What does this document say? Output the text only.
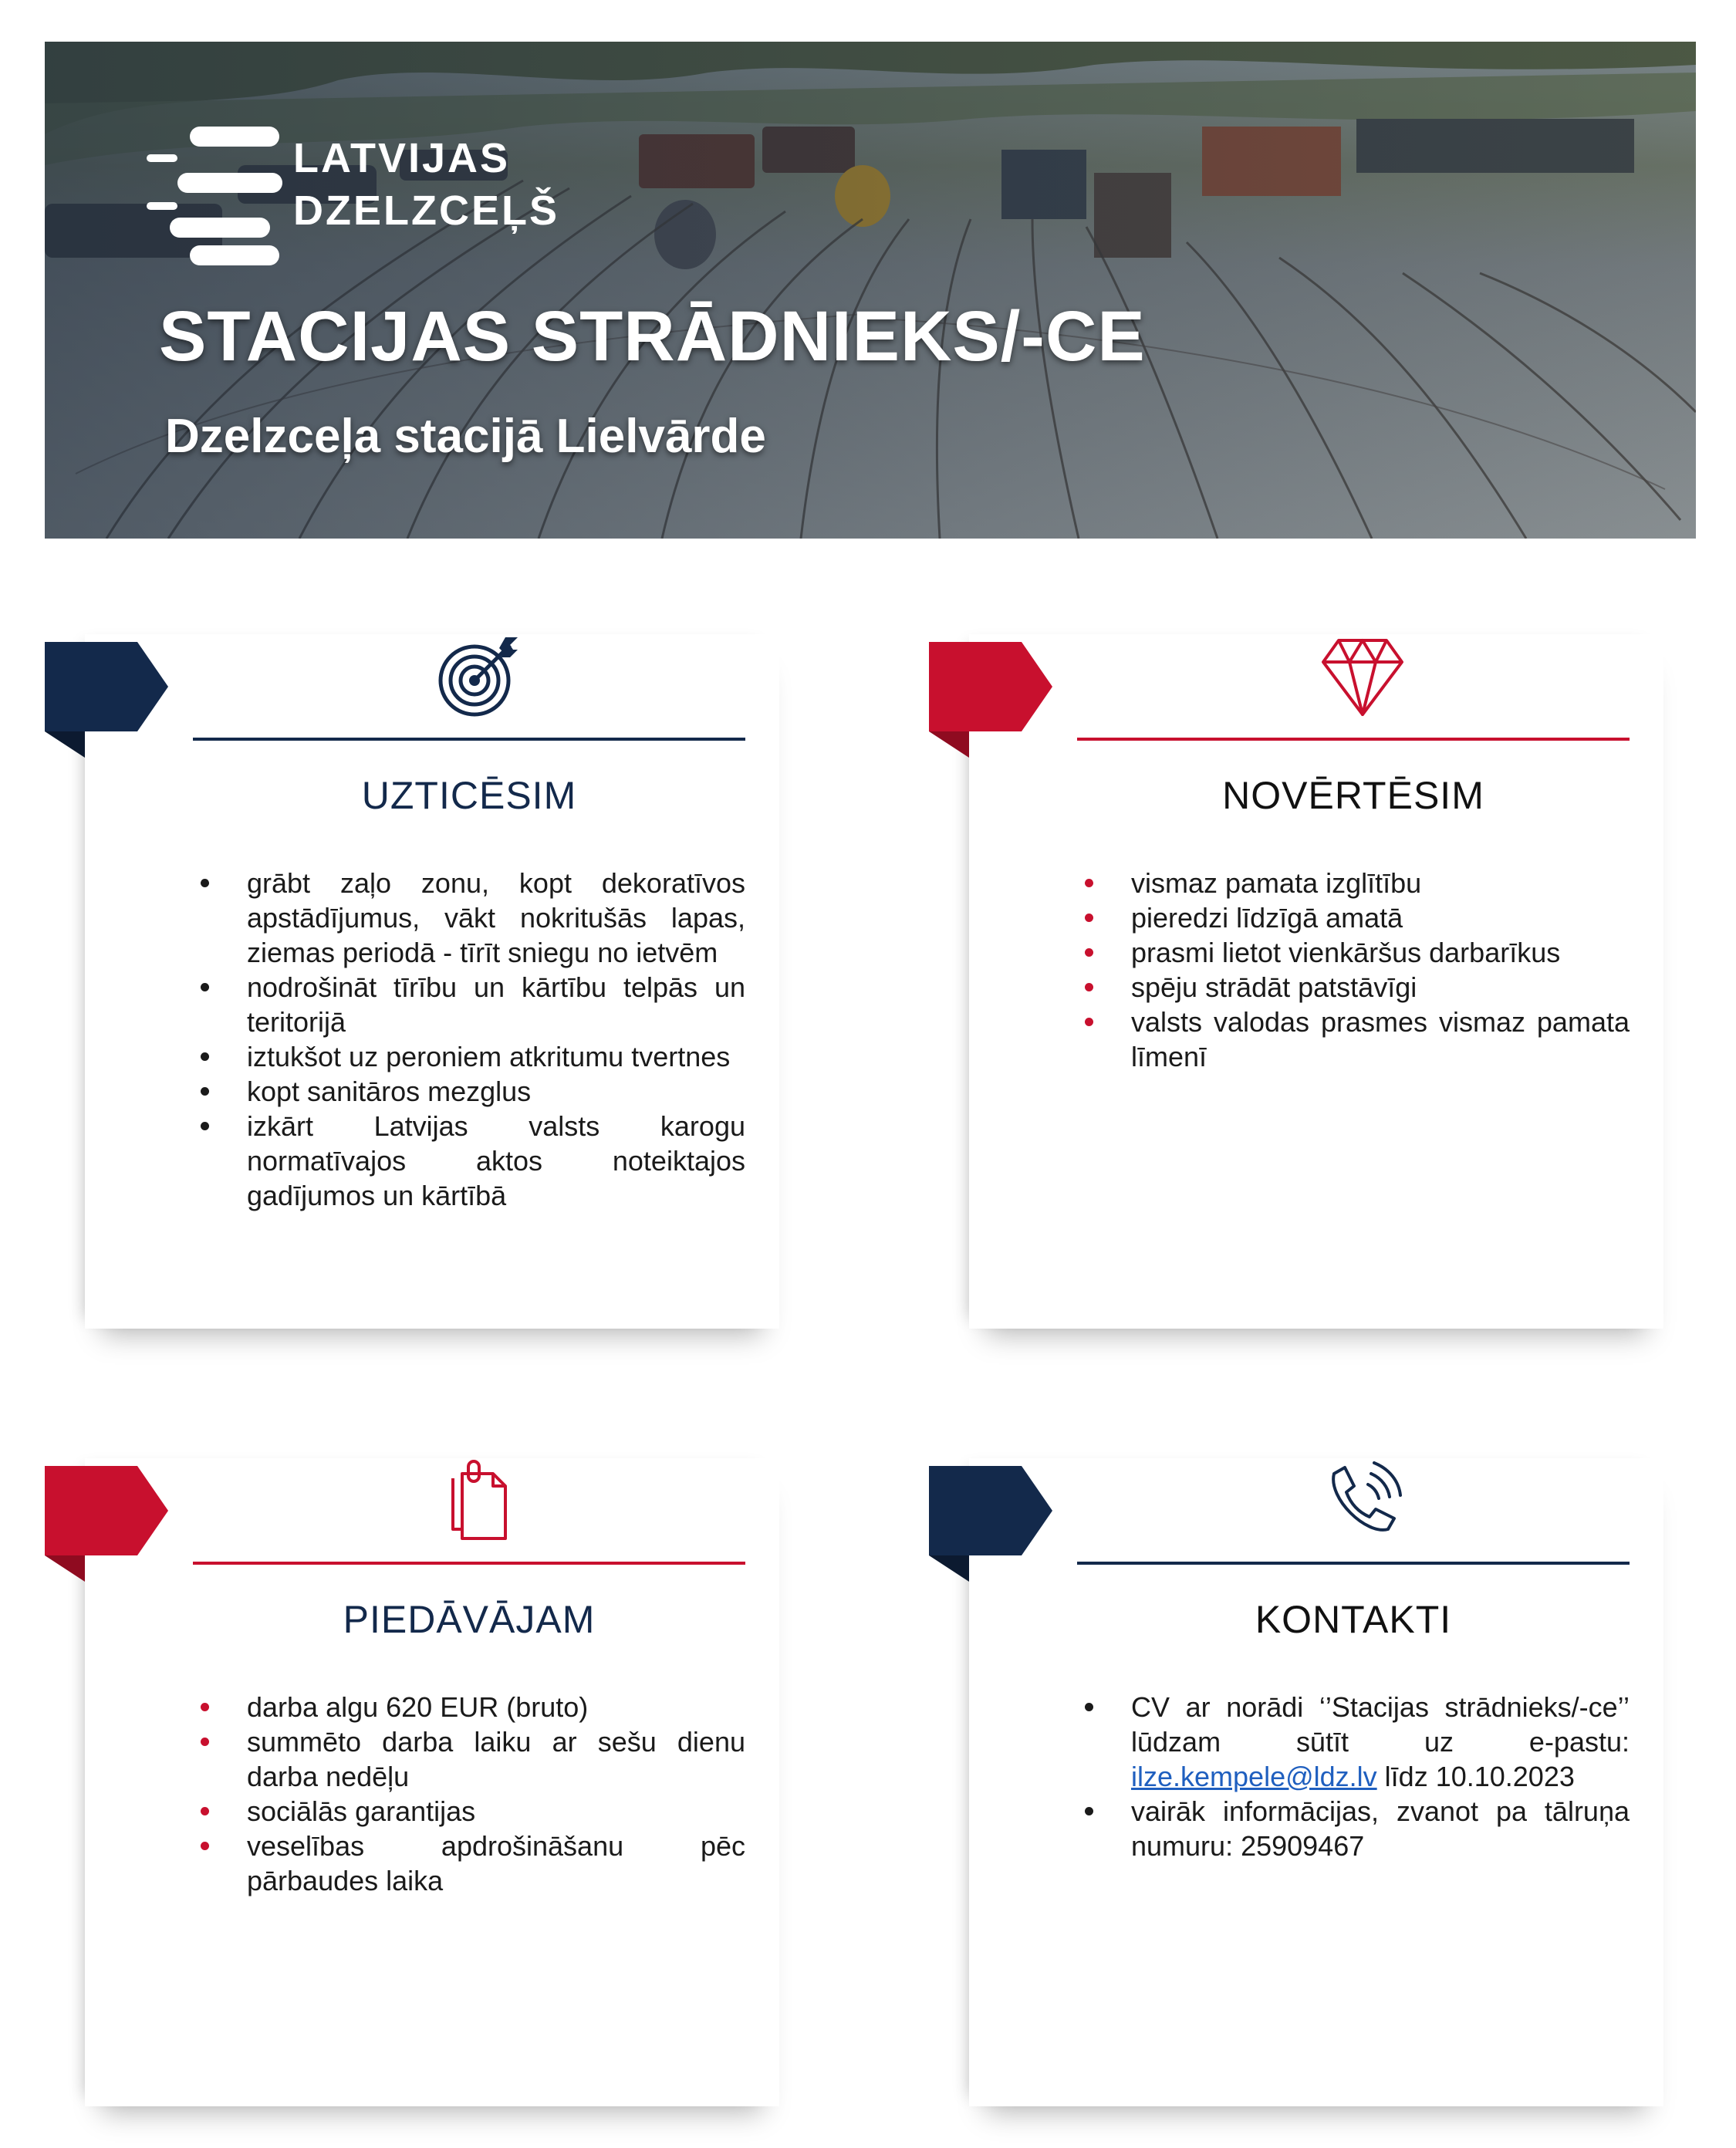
LATVIJAS
DZELZCEĻŠ
STACIJAS STRĀDNIEKS/-CE
Dzelzceļa stacijā Lielvārde
UZTICĒSIM
grābt zaļo zonu, kopt dekoratīvos apstādījumus, vākt nokritušās lapas, ziemas periodā - tīrīt sniegu no ietvēm
nodrošināt tīrību un kārtību telpās un teritorijā
iztukšot uz peroniem atkritumu tvertnes
kopt sanitāros mezglus
izkārt Latvijas valsts karogu normatīvajos aktos noteiktajos gadījumos un kārtībā
NOVĒRTĒSIM
vismaz pamata izglītību
pieredzi līdzīgā amatā
prasmi lietot vienkāršus darbarīkus
spēju strādāt patstāvīgi
valsts valodas prasmes vismaz pamata līmenī
PIEDĀVĀJAM
darba algu 620 EUR (bruto)
summēto darba laiku ar sešu dienu darba nedēļu
sociālās garantijas
veselības apdrošināšanu pēc pārbaudes laika
KONTAKTI
CV ar norādi ‘’Stacijas strādnieks/-ce’’ lūdzam sūtīt uz e-pastu: ilze.kempele@ldz.lv līdz 10.10.2023
vairāk informācijas, zvanot pa tālruņa numuru: 25909467
